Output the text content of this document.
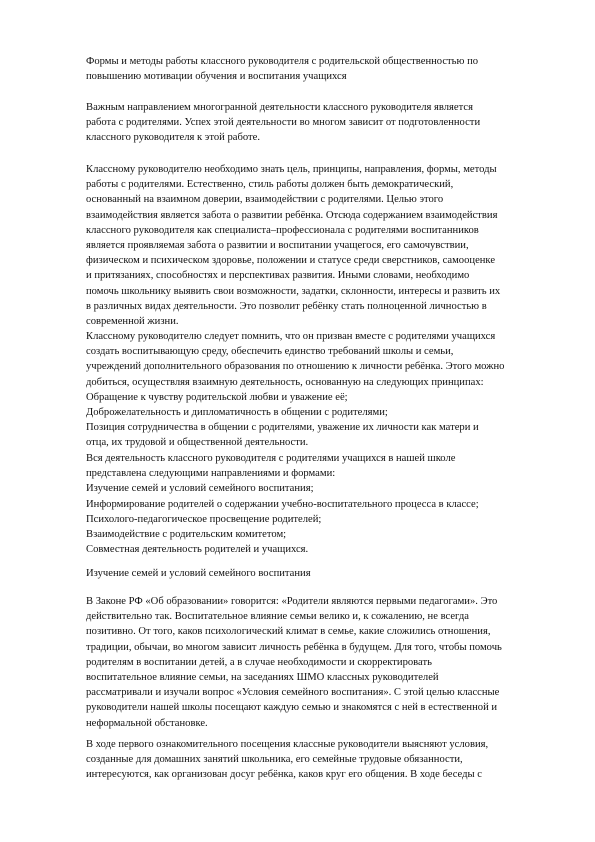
Формы и методы работы классного руководителя с родительской общественностью по
повышению мотивации обучения и воспитания учащихся
Важным направлением многогранной деятельности классного руководителя является
работа с родителями. Успех этой деятельности во многом зависит от подготовленности
классного руководителя к этой работе.
Классному руководителю необходимо знать цель, принципы, направления, формы, методы
работы с родителями. Естественно, стиль работы должен быть демократический,
основанный на взаимном доверии, взаимодействии с родителями. Целью этого
взаимодействия является забота о развитии ребёнка. Отсюда содержанием взаимодействия
классного руководителя как специалиста–профессионала с родителями воспитанников
является проявляемая забота о развитии и воспитании учащегося, его самочувствии,
физическом и психическом здоровье, положении и статусе среди сверстников, самооценке
и притязаниях, способностях и перспективах развития. Иными словами, необходимо
помочь школьнику выявить свои возможности, задатки, склонности, интересы и развить их
в различных видах деятельности. Это позволит ребёнку стать полноценной личностью в
современной жизни.
Классному руководителю следует помнить, что он призван вместе с родителями учащихся
создать воспитывающую среду, обеспечить единство требований школы и семьи,
учреждений дополнительного образования по отношению к личности ребёнка. Этого можно
добиться, осуществляя взаимную деятельность, основанную на следующих принципах:
Обращение к чувству родительской любви и уважение её;
Доброжелательность и дипломатичность в общении с родителями;
Позиция сотрудничества в общении с родителями, уважение их личности как матери и
отца, их трудовой и общественной деятельности.
Вся деятельность классного руководителя с родителями учащихся в нашей школе
представлена следующими направлениями и формами:
Изучение семей и условий семейного воспитания;
Информирование родителей о содержании учебно-воспитательного процесса в классе;
Психолого-педагогическое просвещение родителей;
Взаимодействие с родительским комитетом;
Совместная деятельность родителей и учащихся.
Изучение семей и условий семейного воспитания
В Законе РФ «Об образовании» говорится: «Родители являются первыми педагогами». Это
действительно так. Воспитательное влияние семьи велико и, к сожалению, не всегда
позитивно. От того, каков психологический климат в семье, какие сложились отношения,
традиции, обычаи, во многом зависит личность ребёнка в будущем. Для того, чтобы помочь
родителям в воспитании детей, а в случае необходимости и скорректировать
воспитательное влияние семьи, на заседаниях ШМО классных руководителей
рассматривали и изучали вопрос «Условия семейного воспитания». С этой целью классные
руководители нашей школы посещают каждую семью и знакомятся с ней в естественной и
неформальной обстановке.
В ходе первого ознакомительного посещения классные руководители выясняют условия,
созданные для домашних занятий школьника, его семейные трудовые обязанности,
интересуются, как организован досуг ребёнка, каков круг его общения. В ходе беседы с
